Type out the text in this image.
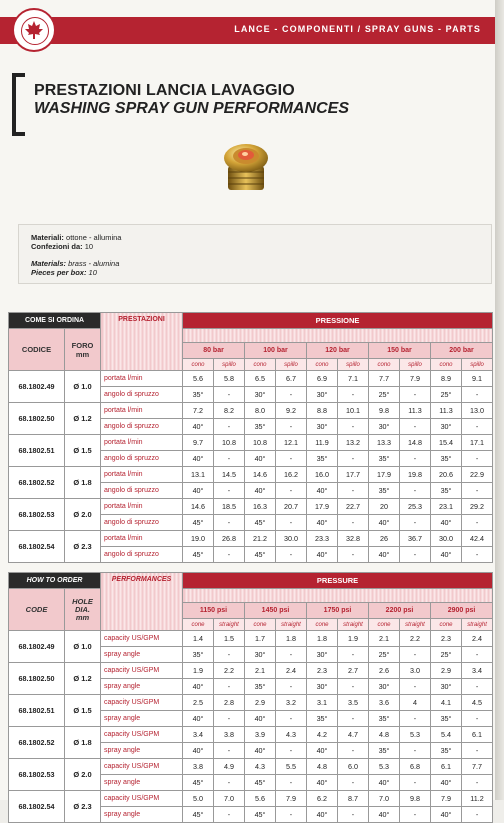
LANCE - COMPONENTI / SPRAY GUNS - PARTS
PRESTAZIONI LANCIA LAVAGGIO
WASHING SPRAY GUN PERFORMANCES
Materiali: ottone - allumina
Confezioni da: 10
Materials: brass - alumina
Pieces per box: 10
COME SI ORDINA		PRESTAZIONI	PRESSIONE									
CODICE	FORO
mm											
			80 bar		100 bar		120 bar		150 bar		200 bar	
			cono	spillo	cono	spillo	cono	spillo	cono	spillo	cono	spillo
68.1802.49	Ø 1.0	portata l/min	5.6	5.8	6.5	6.7	6.9	7.1	7.7	7.9	8.9	9.1
		angolo di spruzzo	35°	-	30°	-	30°	-	25°	-	25°	-
68.1802.50	Ø 1.2	portata l/min	7.2	8.2	8.0	9.2	8.8	10.1	9.8	11.3	11.3	13.0
		angolo di spruzzo	40°	-	35°	-	30°	-	30°	-	30°	-
68.1802.51	Ø 1.5	portata l/min	9.7	10.8	10.8	12.1	11.9	13.2	13.3	14.8	15.4	17.1
		angolo di spruzzo	40°	-	40°	-	35°	-	35°	-	35°	-
68.1802.52	Ø 1.8	portata l/min	13.1	14.5	14.6	16.2	16.0	17.7	17.9	19.8	20.6	22.9
		angolo di spruzzo	40°	-	40°	-	40°	-	35°	-	35°	-
68.1802.53	Ø 2.0	portata l/min	14.6	18.5	16.3	20.7	17.9	22.7	20	25.3	23.1	29.2
		angolo di spruzzo	45°	-	45°	-	40°	-	40°	-	40°	-
68.1802.54	Ø 2.3	portata l/min	19.0	26.8	21.2	30.0	23.3	32.8	26	36.7	30.0	42.4
		angolo di spruzzo	45°	-	45°	-	40°	-	40°	-	40°	-
HOW TO ORDER		PERFORMANCES	PRESSURE									
CODE	HOLE
DIA.
mm											
			1150 psi		1450 psi		1750 psi		2200 psi		2900 psi	
			cone	straight	cone	straight	cone	straight	cone	straight	cone	straight
68.1802.49	Ø 1.0	capacity US/GPM	1.4	1.5	1.7	1.8	1.8	1.9	2.1	2.2	2.3	2.4
		spray angle	35°	-	30°	-	30°	-	25°	-	25°	-
68.1802.50	Ø 1.2	capacity US/GPM	1.9	2.2	2.1	2.4	2.3	2.7	2.6	3.0	2.9	3.4
		spray angle	40°	-	35°	-	30°	-	30°	-	30°	-
68.1802.51	Ø 1.5	capacity US/GPM	2.5	2.8	2.9	3.2	3.1	3.5	3.6	4	4.1	4.5
		spray angle	40°	-	40°	-	35°	-	35°	-	35°	-
68.1802.52	Ø 1.8	capacity US/GPM	3.4	3.8	3.9	4.3	4.2	4.7	4.8	5.3	5.4	6.1
		spray angle	40°	-	40°	-	40°	-	35°	-	35°	-
68.1802.53	Ø 2.0	capacity US/GPM	3.8	4.9	4.3	5.5	4.8	6.0	5.3	6.8	6.1	7.7
		spray angle	45°	-	45°	-	40°	-	40°	-	40°	-
68.1802.54	Ø 2.3	capacity US/GPM	5.0	7.0	5.6	7.9	6.2	8.7	7.0	9.8	7.9	11.2
		spray angle	45°	-	45°	-	40°	-	40°	-	40°	-
